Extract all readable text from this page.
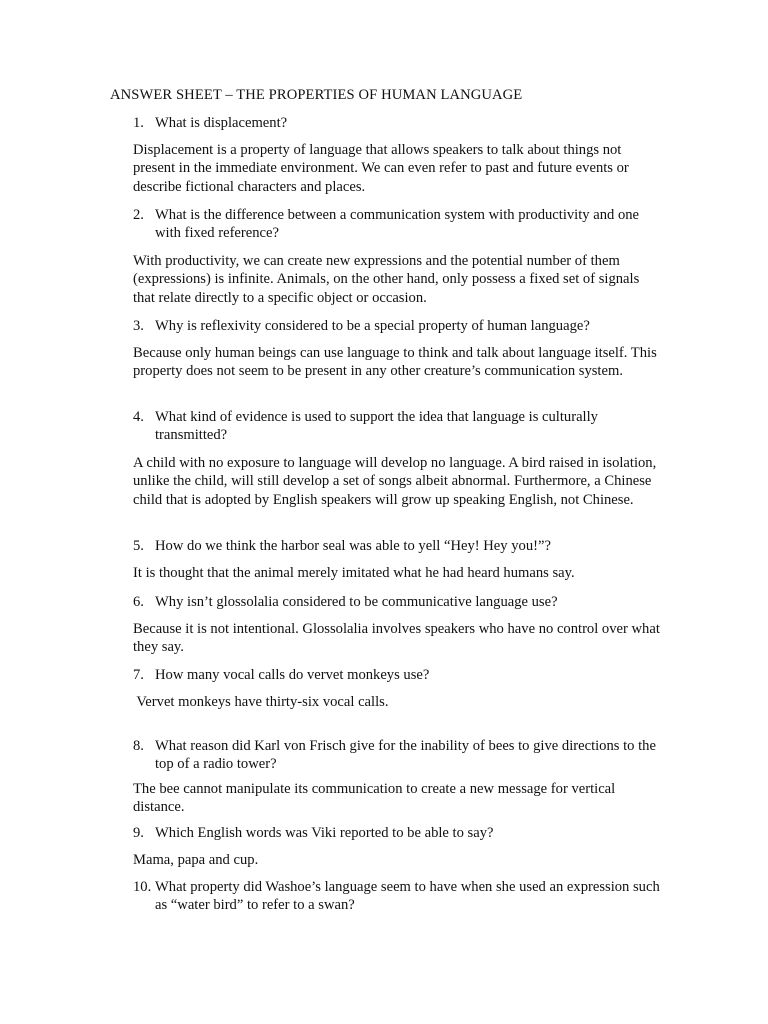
ANSWER SHEET – THE PROPERTIES OF HUMAN LANGUAGE
1. What is displacement?
Displacement is a property of language that allows speakers to talk about things not present in the immediate environment. We can even refer to past and future events or describe fictional characters and places.
2. What is the difference between a communication system with productivity and one with fixed reference?
With productivity, we can create new expressions and the potential number of them (expressions) is infinite. Animals, on the other hand, only possess a fixed set of signals that relate directly to a specific object or occasion.
3. Why is reflexivity considered to be a special property of human language?
Because only human beings can use language to think and talk about language itself. This property does not seem to be present in any other creature’s communication system.
4. What kind of evidence is used to support the idea that language is culturally transmitted?
A child with no exposure to language will develop no language. A bird raised in isolation, unlike the child, will still develop a set of songs albeit abnormal. Furthermore, a Chinese child that is adopted by English speakers will grow up speaking English, not Chinese.
5. How do we think the harbor seal was able to yell “Hey! Hey you!”?
It is thought that the animal merely imitated what he had heard humans say.
6. Why isn’t glossolalia considered to be communicative language use?
Because it is not intentional. Glossolalia involves speakers who have no control over what they say.
7. How many vocal calls do vervet monkeys use?
Vervet monkeys have thirty-six vocal calls.
8. What reason did Karl von Frisch give for the inability of bees to give directions to the top of a radio tower?
The bee cannot manipulate its communication to create a new message for vertical distance.
9. Which English words was Viki reported to be able to say?
Mama, papa and cup.
10. What property did Washoe’s language seem to have when she used an expression such as “water bird” to refer to a swan?
